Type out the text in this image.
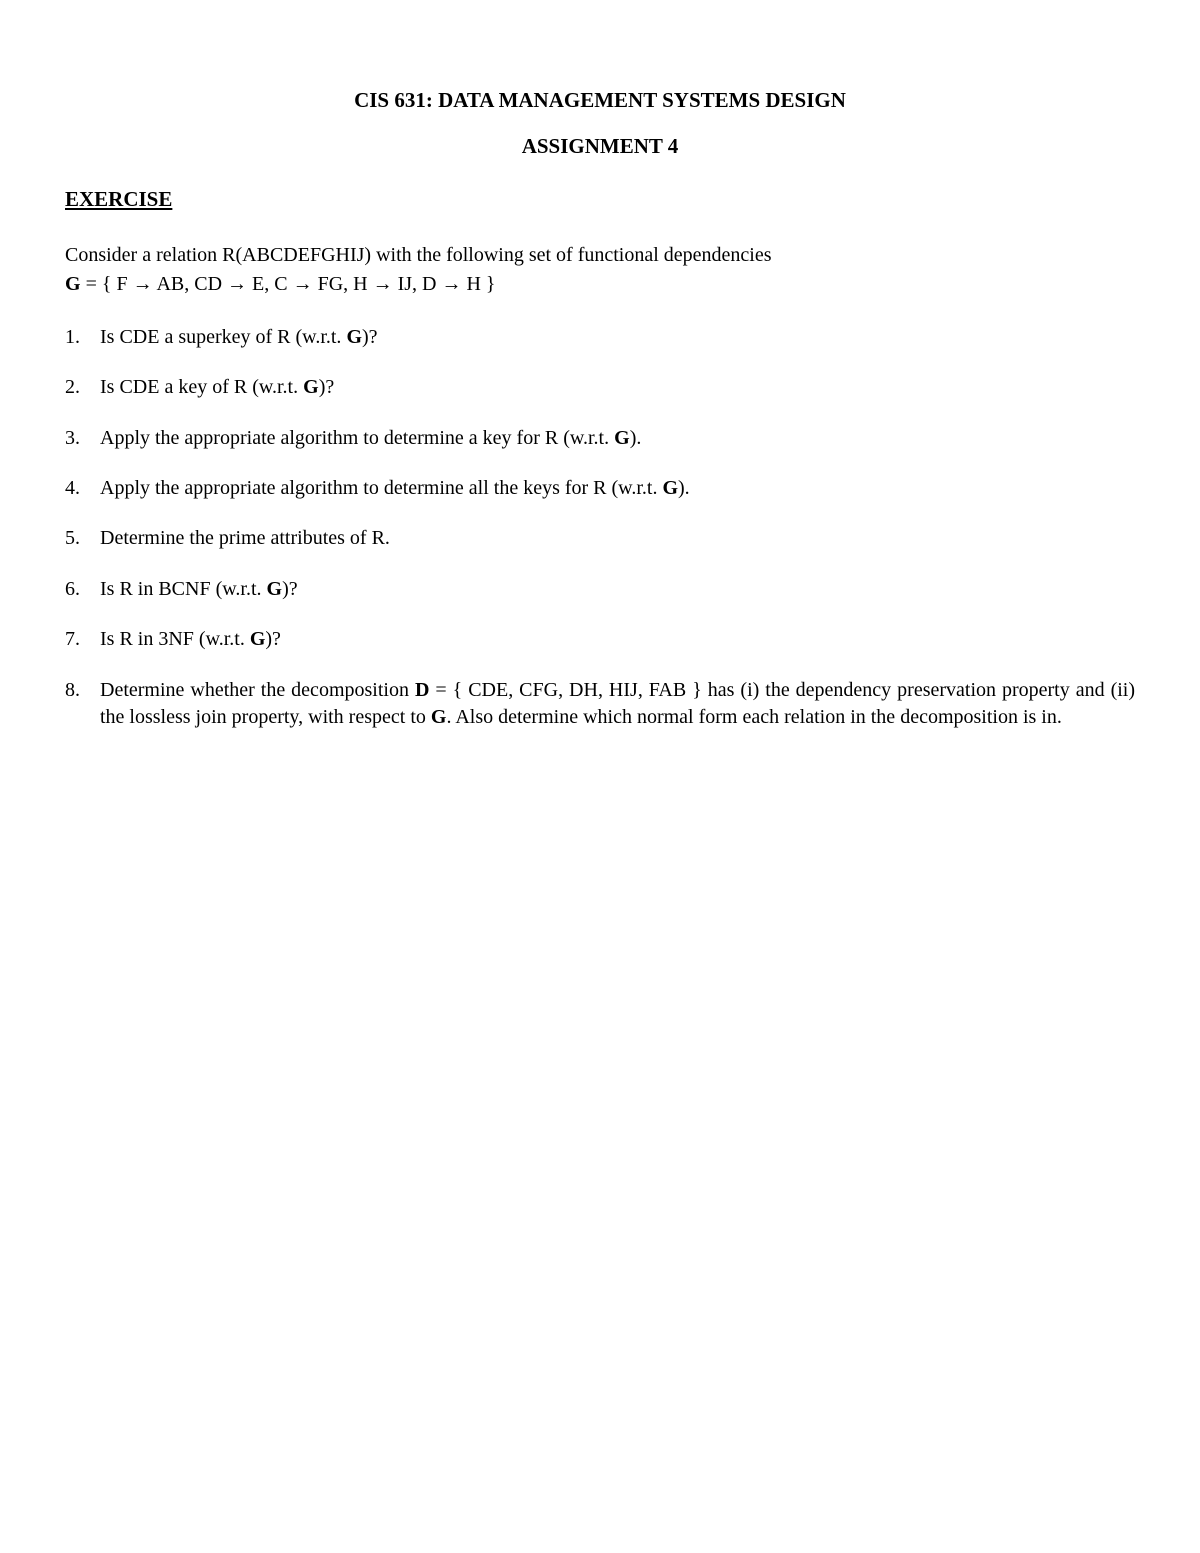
CIS 631: DATA MANAGEMENT SYSTEMS DESIGN
ASSIGNMENT 4
EXERCISE
Consider a relation R(ABCDEFGHIJ) with the following set of functional dependencies
G = { F → AB, CD → E, C → FG, H → IJ, D → H }
1.	Is CDE a superkey of R (w.r.t. G)?
2.	Is CDE a key of R (w.r.t. G)?
3.	Apply the appropriate algorithm to determine a key for R (w.r.t. G).
4.	Apply the appropriate algorithm to determine all the keys for R (w.r.t. G).
5.	Determine the prime attributes of R.
6.	Is R in BCNF (w.r.t. G)?
7.	Is R in 3NF (w.r.t. G)?
8.	Determine whether the decomposition D = { CDE, CFG, DH, HIJ, FAB } has (i) the dependency preservation property and (ii) the lossless join property, with respect to G. Also determine which normal form each relation in the decomposition is in.
